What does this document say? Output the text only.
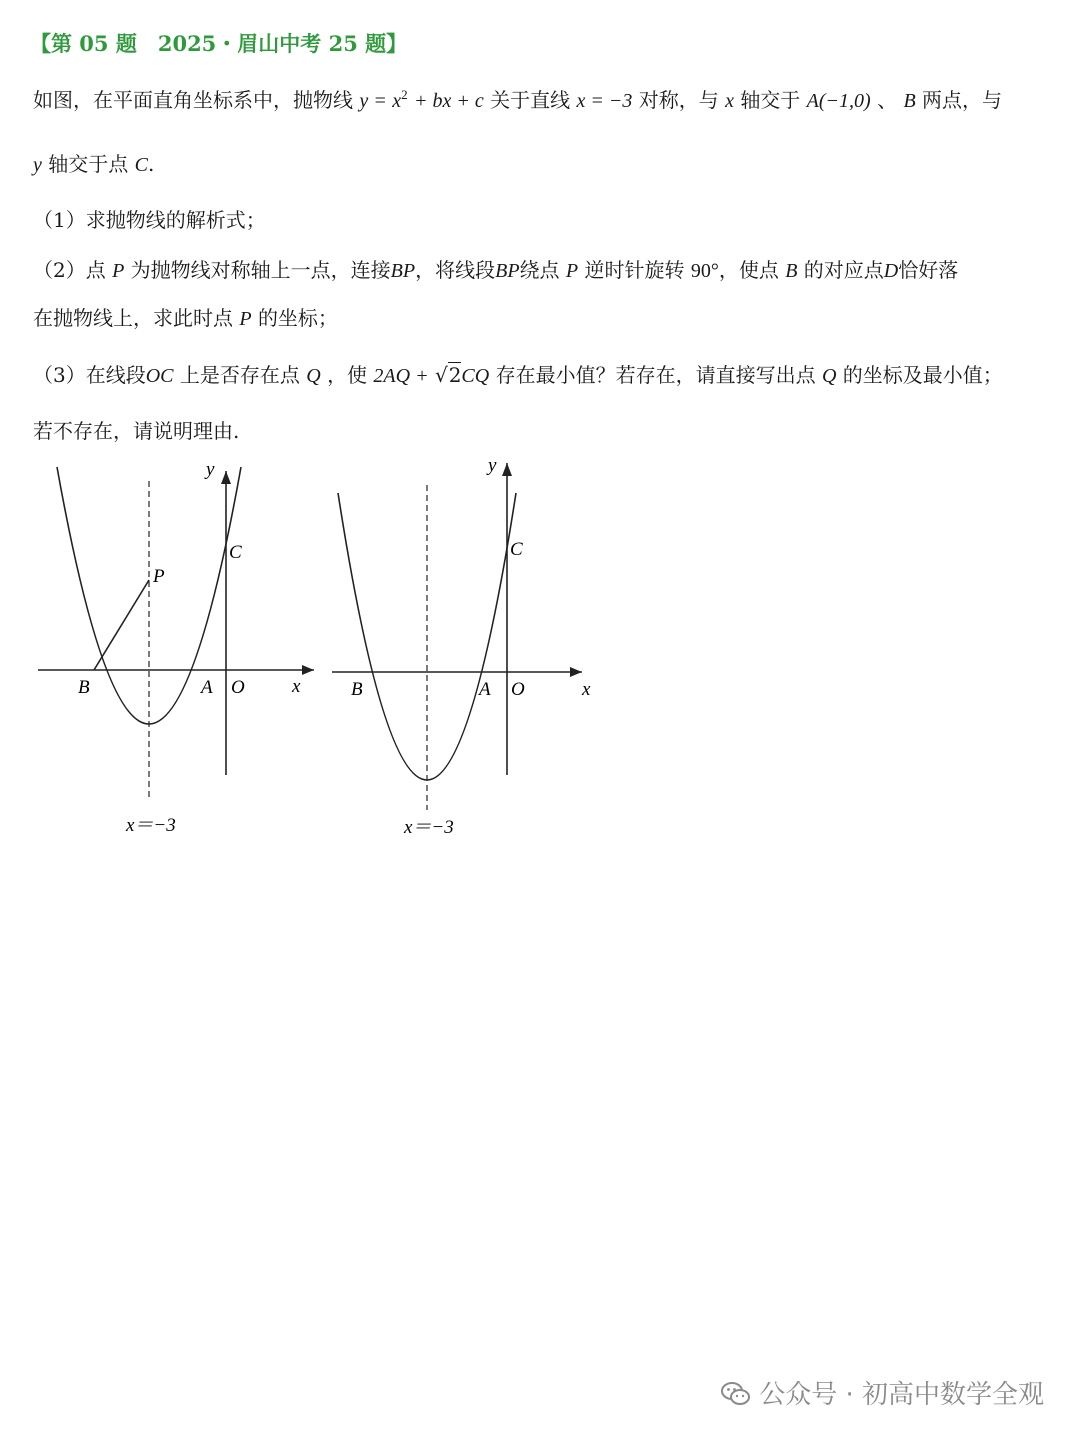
【第 05 题　2025・眉山中考 25 题】
如图，在平面直角坐标系中，抛物线 $y = x^2$ + bx + c 关于直线 x = −3 对称，与 x 轴交于 A(−1,0) 、 B 两点，与
y 轴交于点 C.
（1）求抛物线的解析式；
（2）点 P 为抛物线对称轴上一点，连接BP，将线段BP绕点 P 逆时针旋转 90°，使点 B 的对应点D恰好落
在抛物线上，求此时点 P 的坐标；
（3）在线段OC 上是否存在点 Q ，使 2AQ + √2CQ 存在最小值？若存在，请直接写出点 Q 的坐标及最小值；
若不存在，请说明理由.
y
x
C
P
B	A O
x＝−3
y
x
C
B	A O
x＝−3
公众号 · 初高中数学全观
